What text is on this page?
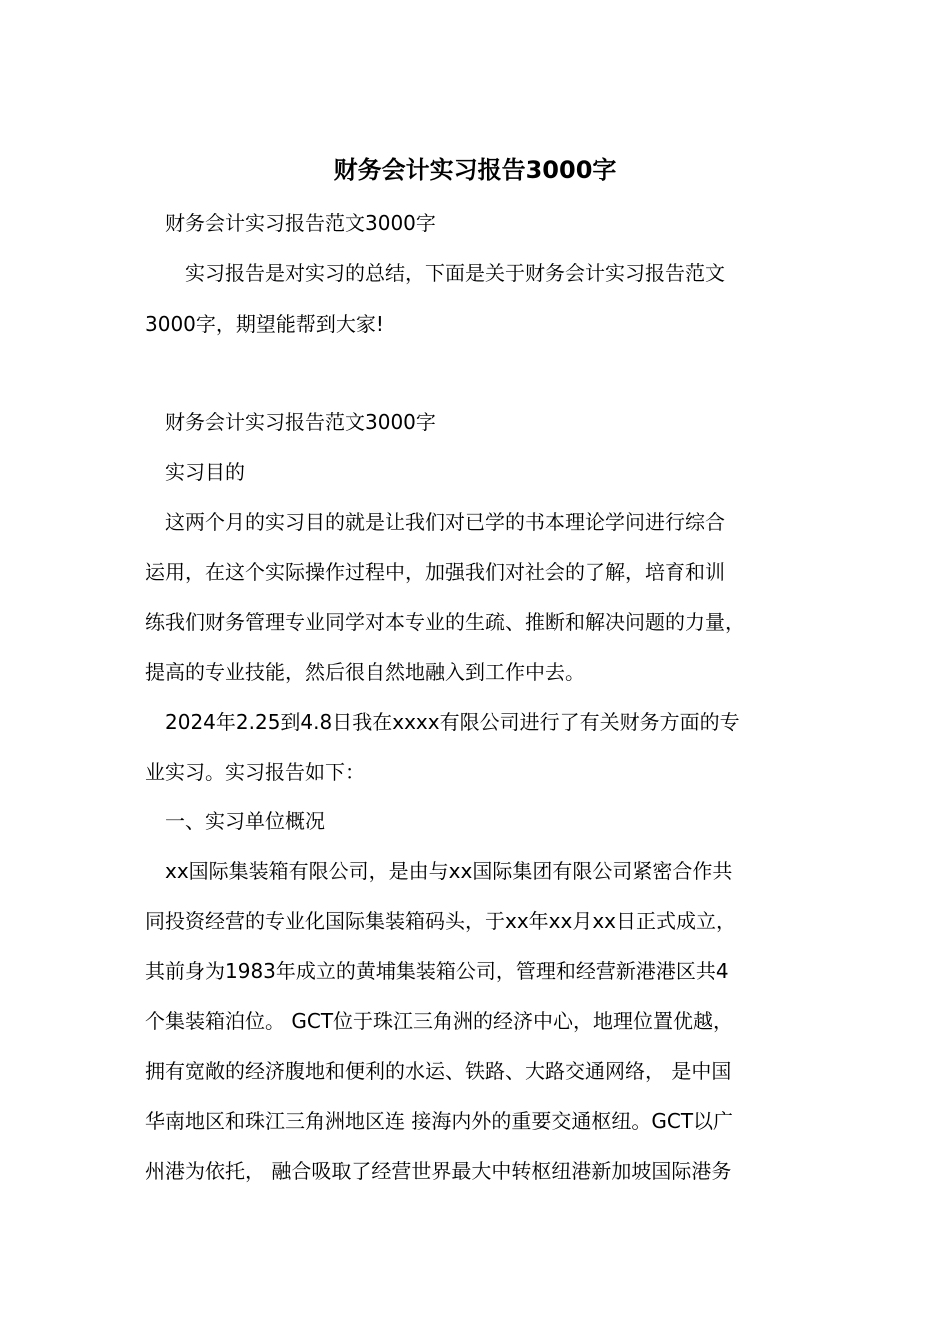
财务会计实习报告3000字

财务会计实习报告范文3000字

实习报告是对实习的总结，下面是关于财务会计实习报告范文

3000字，期望能帮到大家!

财务会计实习报告范文3000字

实习目的

这两个月的实习目的就是让我们对已学的书本理论学问进行综合

运用，在这个实际操作过程中，加强我们对社会的了解，培育和训

练我们财务管理专业同学对本专业的生疏、推断和解决问题的力量，

提高的专业技能，然后很自然地融入到工作中去。

2024年2.25到4.8日我在xxxx有限公司进行了有关财务方面的专

业实习。实习报告如下：

一、实习单位概况

xx国际集装箱有限公司，是由与xx国际集团有限公司紧密合作共

同投资经营的专业化国际集装箱码头，于xx年xx月xx日正式成立，

其前身为1983年成立的黄埔集装箱公司，管理和经营新港港区共4

个集装箱泊位。 GCT位于珠江三角洲的经济中心，地理位置优越，

拥有宽敞的经济腹地和便利的水运、铁路、大路交通网络， 是中国

华南地区和珠江三角洲地区连 接海内外的重要交通枢纽。GCT以广

州港为依托， 融合吸取了经营世界最大中转枢纽港新加坡国际港务
